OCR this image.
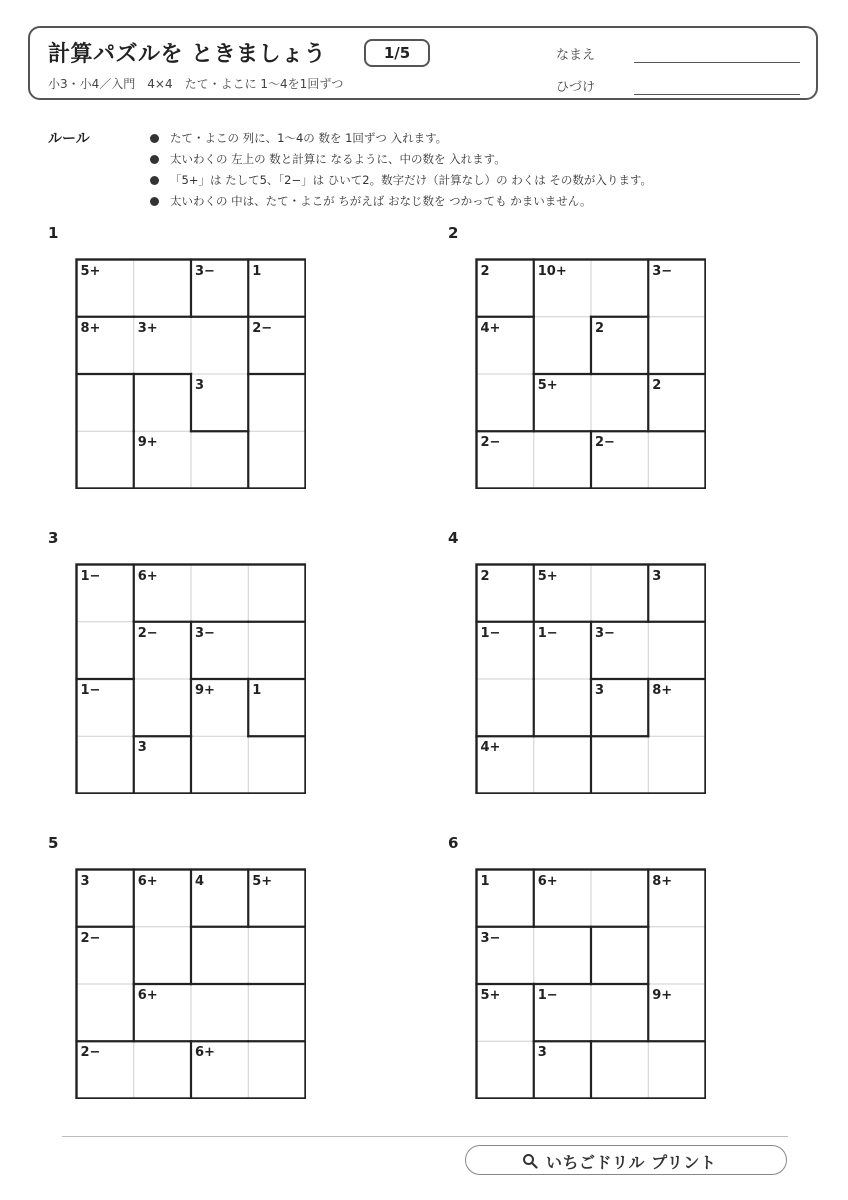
計算パズルを ときましょう	1/5
小3・小4／入門　4×4　たて・よこに 1〜4を1回ずつ
なまえ
ひづけ
ルール	たて・よこの 列に、1〜4の 数を 1回ずつ 入れます。
太いわくの 左上の 数と計算に なるように、中の数を 入れます。
「5+」は たして5、「2−」は ひいて2。数字だけ（計算なし）の わくは その数が入ります。
太いわくの 中は、たて・よこが ちがえば おなじ数を つかっても かまいません。
1
5+	3−	1
8+	3+	2−
3
9+
2
2	10+	3−
4+	2
5+	2
2−	2−
3
1−	6+
2−	3−
1−	9+	1
3
4
2	5+	3
1−	1−	3−
3	8+
4+
5
3	6+	4	5+
2−
6+
2−	6+
6
1	6+	8+
3−
5+	1−	9+
3
いちごドリル プリント
